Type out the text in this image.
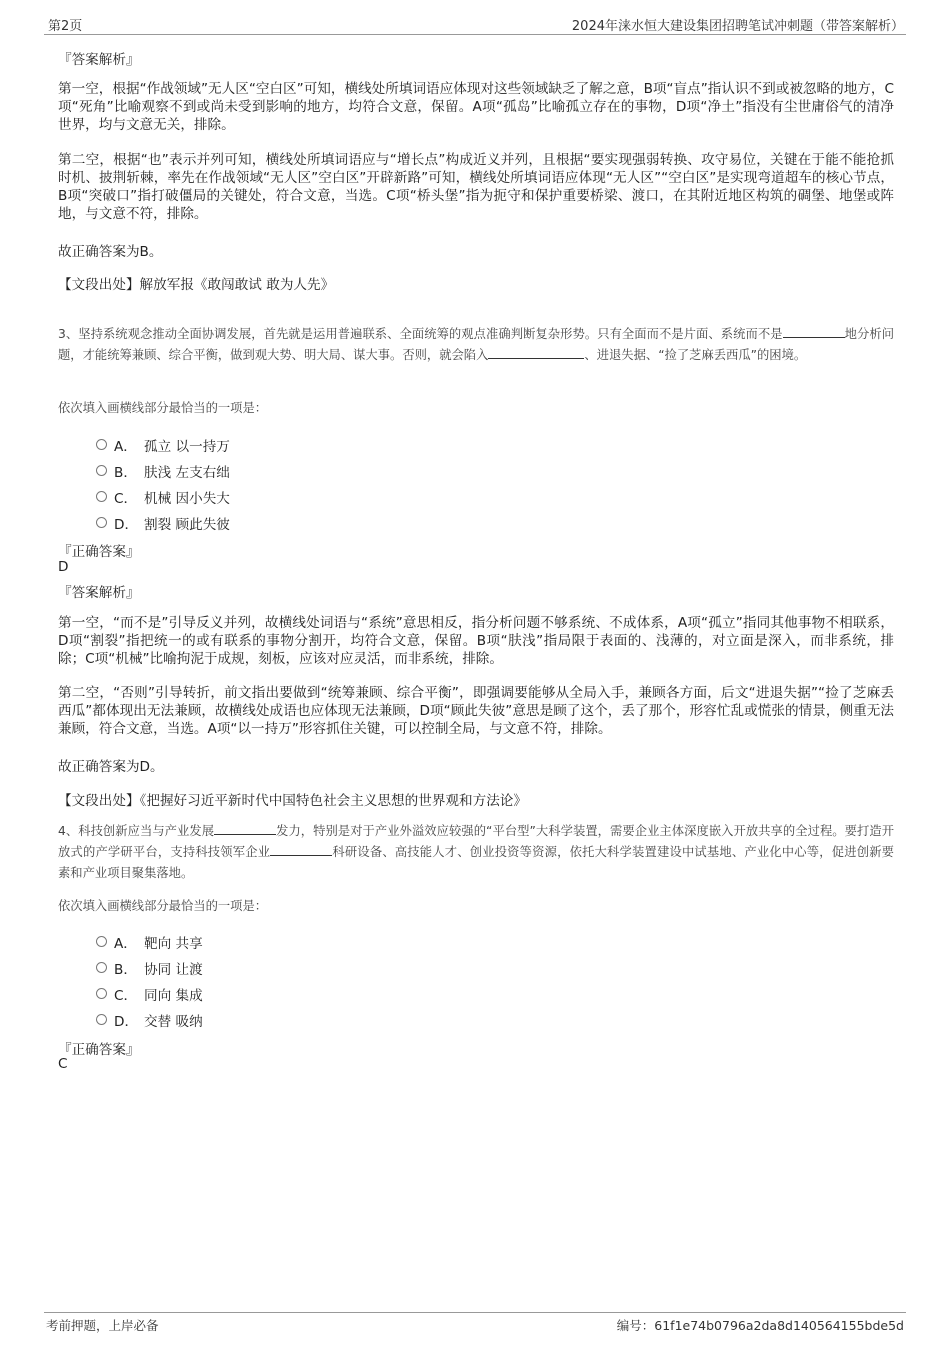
第2页	2024年涞水恒大建设集团招聘笔试冲刺题（带答案解析）
『答案解析』
第一空，根据“作战领域”无人区“空白区”可知，横线处所填词语应体现对这些领域缺乏了解之意，B项“盲点”指认识不到或被忽略的地方，C项“死角”比喻观察不到或尚未受到影响的地方，均符合文意，保留。A项“孤岛”比喻孤立存在的事物，D项“净土”指没有尘世庸俗气的清净世界，均与文意无关，排除。
第二空，根据“也”表示并列可知，横线处所填词语应与“增长点”构成近义并列，且根据“要实现强弱转换、攻守易位，关键在于能不能抢抓时机、披荆斩棘，率先在作战领域“无人区”空白区”开辟新路”可知，横线处所填词语应体现“无人区”“空白区”是实现弯道超车的核心节点，B项“突破口”指打破僵局的关键处，符合文意，当选。C项“桥头堡”指为扼守和保护重要桥梁、渡口，在其附近地区构筑的碉堡、地堡或阵地，与文意不符，排除。
故正确答案为B。
【文段出处】解放军报《敢闯敢试 敢为人先》
3、坚持系统观念推动全面协调发展，首先就是运用普遍联系、全面统筹的观点准确判断复杂形势。只有全面而不是片面、系统而不是	地分析问题，才能统筹兼顾、综合平衡，做到观大势、明大局、谋大事。否则，就会陷入	、进退失据、“捡了芝麻丢西瓜”的困境。
依次填入画横线部分最恰当的一项是：
A． 孤立 以一持万
B． 肤浅 左支右绌
C． 机械 因小失大
D． 割裂 顾此失彼
『正确答案』
D
『答案解析』
第一空，“而不是”引导反义并列，故横线处词语与“系统”意思相反，指分析问题不够系统、不成体系，A项“孤立”指同其他事物不相联系，D项“割裂”指把统一的或有联系的事物分割开，均符合文意，保留。B项“肤浅”指局限于表面的、浅薄的，对立面是深入，而非系统，排除；C项“机械”比喻拘泥于成规，刻板，应该对应灵活，而非系统，排除。
第二空，“否则”引导转折，前文指出要做到“统筹兼顾、综合平衡”，即强调要能够从全局入手，兼顾各方面，后文“进退失据”“捡了芝麻丢西瓜”都体现出无法兼顾，故横线处成语也应体现无法兼顾，D项“顾此失彼”意思是顾了这个，丢了那个，形容忙乱或慌张的情景，侧重无法兼顾，符合文意，当选。A项“以一持万”形容抓住关键，可以控制全局，与文意不符，排除。
故正确答案为D。
【文段出处】《把握好习近平新时代中国特色社会主义思想的世界观和方法论》
4、科技创新应当与产业发展	发力，特别是对于产业外溢效应较强的“平台型”大科学装置，需要企业主体深度嵌入开放共享的全过程。要打造开放式的产学研平台，支持科技领军企业	科研设备、高技能人才、创业投资等资源，依托大科学装置建设中试基地、产业化中心等，促进创新要素和产业项目聚集落地。
依次填入画横线部分最恰当的一项是：
A． 靶向 共享
B． 协同 让渡
C． 同向 集成
D． 交替 吸纳
『正确答案』
C
考前押题，上岸必备	编号：61f1e74b0796a2da8d140564155bde5d
